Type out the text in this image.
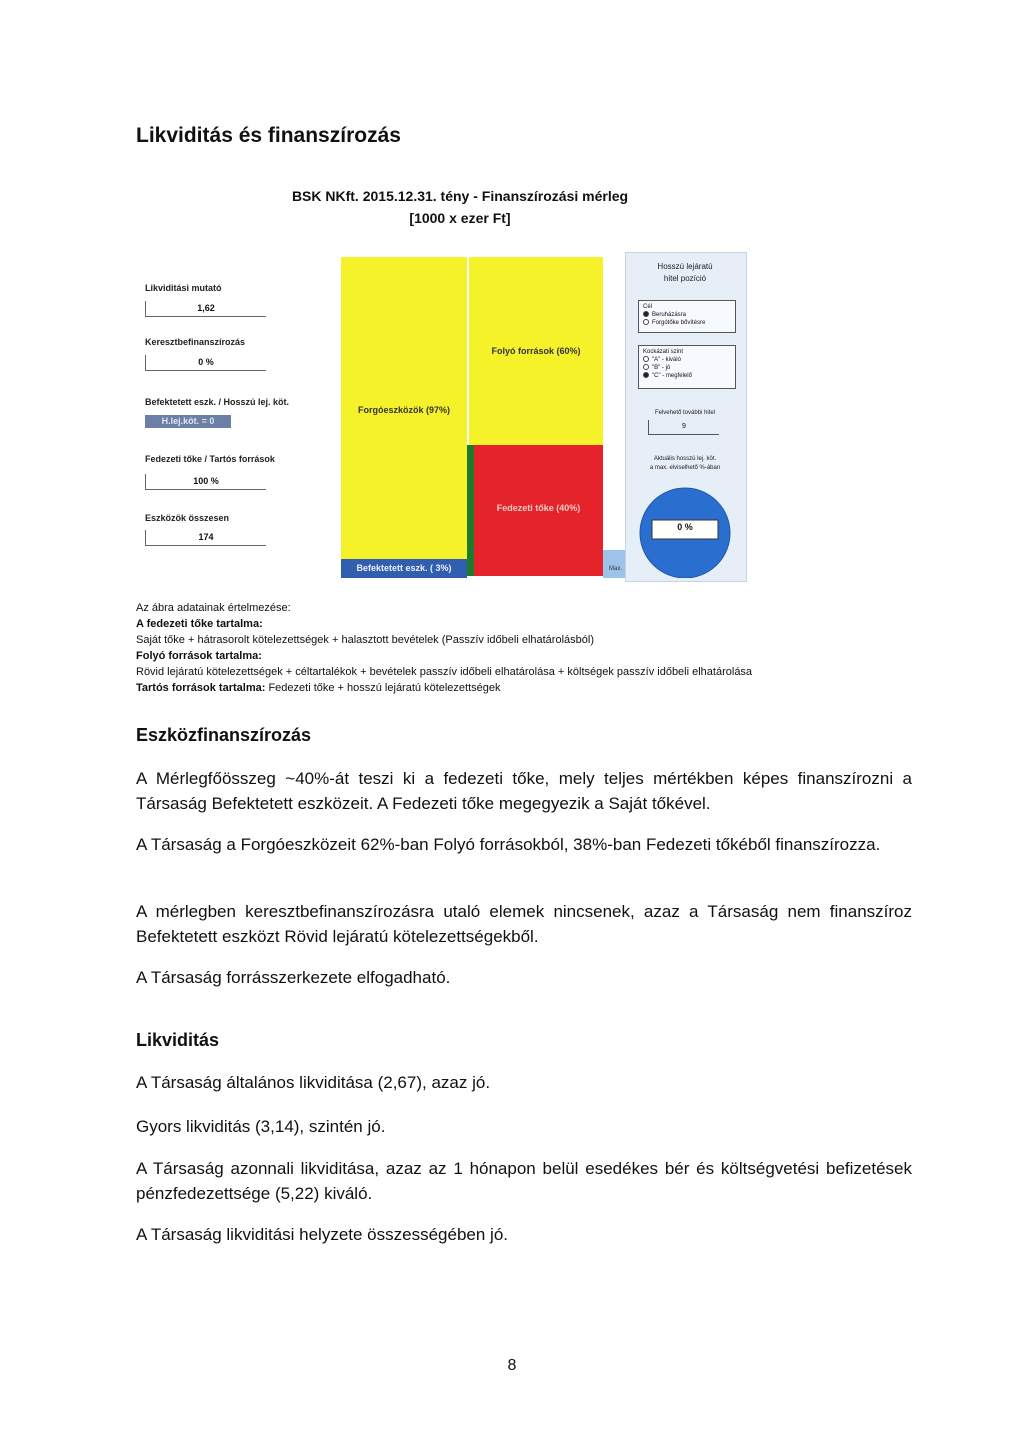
Likviditás és finanszírozás
BSK NKft. 2015.12.31. tény - Finanszírozási mérleg
[1000 x ezer Ft]
Likviditási mutató
1,62
Keresztbefinanszírozás
0 %
Befektetett eszk. / Hosszú lej. köt.
H.lej.köt. = 0
Fedezeti tőke / Tartós források
100 %
Eszközök összesen
174
Forgóeszközök (97%)
Befektetett eszk. ( 3%)
Folyó források (60%)
Fedezeti tőke (40%)
Max.
Hosszú lejáratú
hitel pozíció
Cél
Beruházásra
Forgótőke bővítésre
Kockázati szint
"A" - kiváló
"B" - jó
"C" - megfelelő
Felvehető további hitel
9
Aktuális hosszú lej. köt.
a max. elviselhető %-ában
0 %
Az ábra adatainak értelmezése:
A fedezeti tőke tartalma:
Saját tőke + hátrasorolt kötelezettségek + halasztott bevételek (Passzív időbeli elhatárolásból)
Folyó források tartalma:
Rövid lejáratú kötelezettségek + céltartalékok + bevételek passzív időbeli elhatárolása + költségek passzív időbeli elhatárolása
Tartós források tartalma: Fedezeti tőke + hosszú lejáratú kötelezettségek
Eszközfinanszírozás
A Mérlegfőösszeg ~40%-át teszi ki a fedezeti tőke, mely teljes mértékben képes finanszírozni a Társaság Befektetett eszközeit. A Fedezeti tőke megegyezik a Saját tőkével.
A Társaság a Forgóeszközeit 62%-ban Folyó forrásokból, 38%-ban Fedezeti tőkéből finanszírozza.
A mérlegben keresztbefinanszírozásra utaló elemek nincsenek, azaz a Társaság nem finanszíroz Befektetett eszközt Rövid lejáratú kötelezettségekből.
A Társaság forrásszerkezete elfogadható.
Likviditás
A Társaság általános likviditása (2,67), azaz jó.
Gyors likviditás (3,14), szintén jó.
A Társaság azonnali likviditása, azaz az 1 hónapon belül esedékes bér és költségvetési befizetések pénzfedezettsége (5,22) kiváló.
A Társaság likviditási helyzete összességében jó.
8
